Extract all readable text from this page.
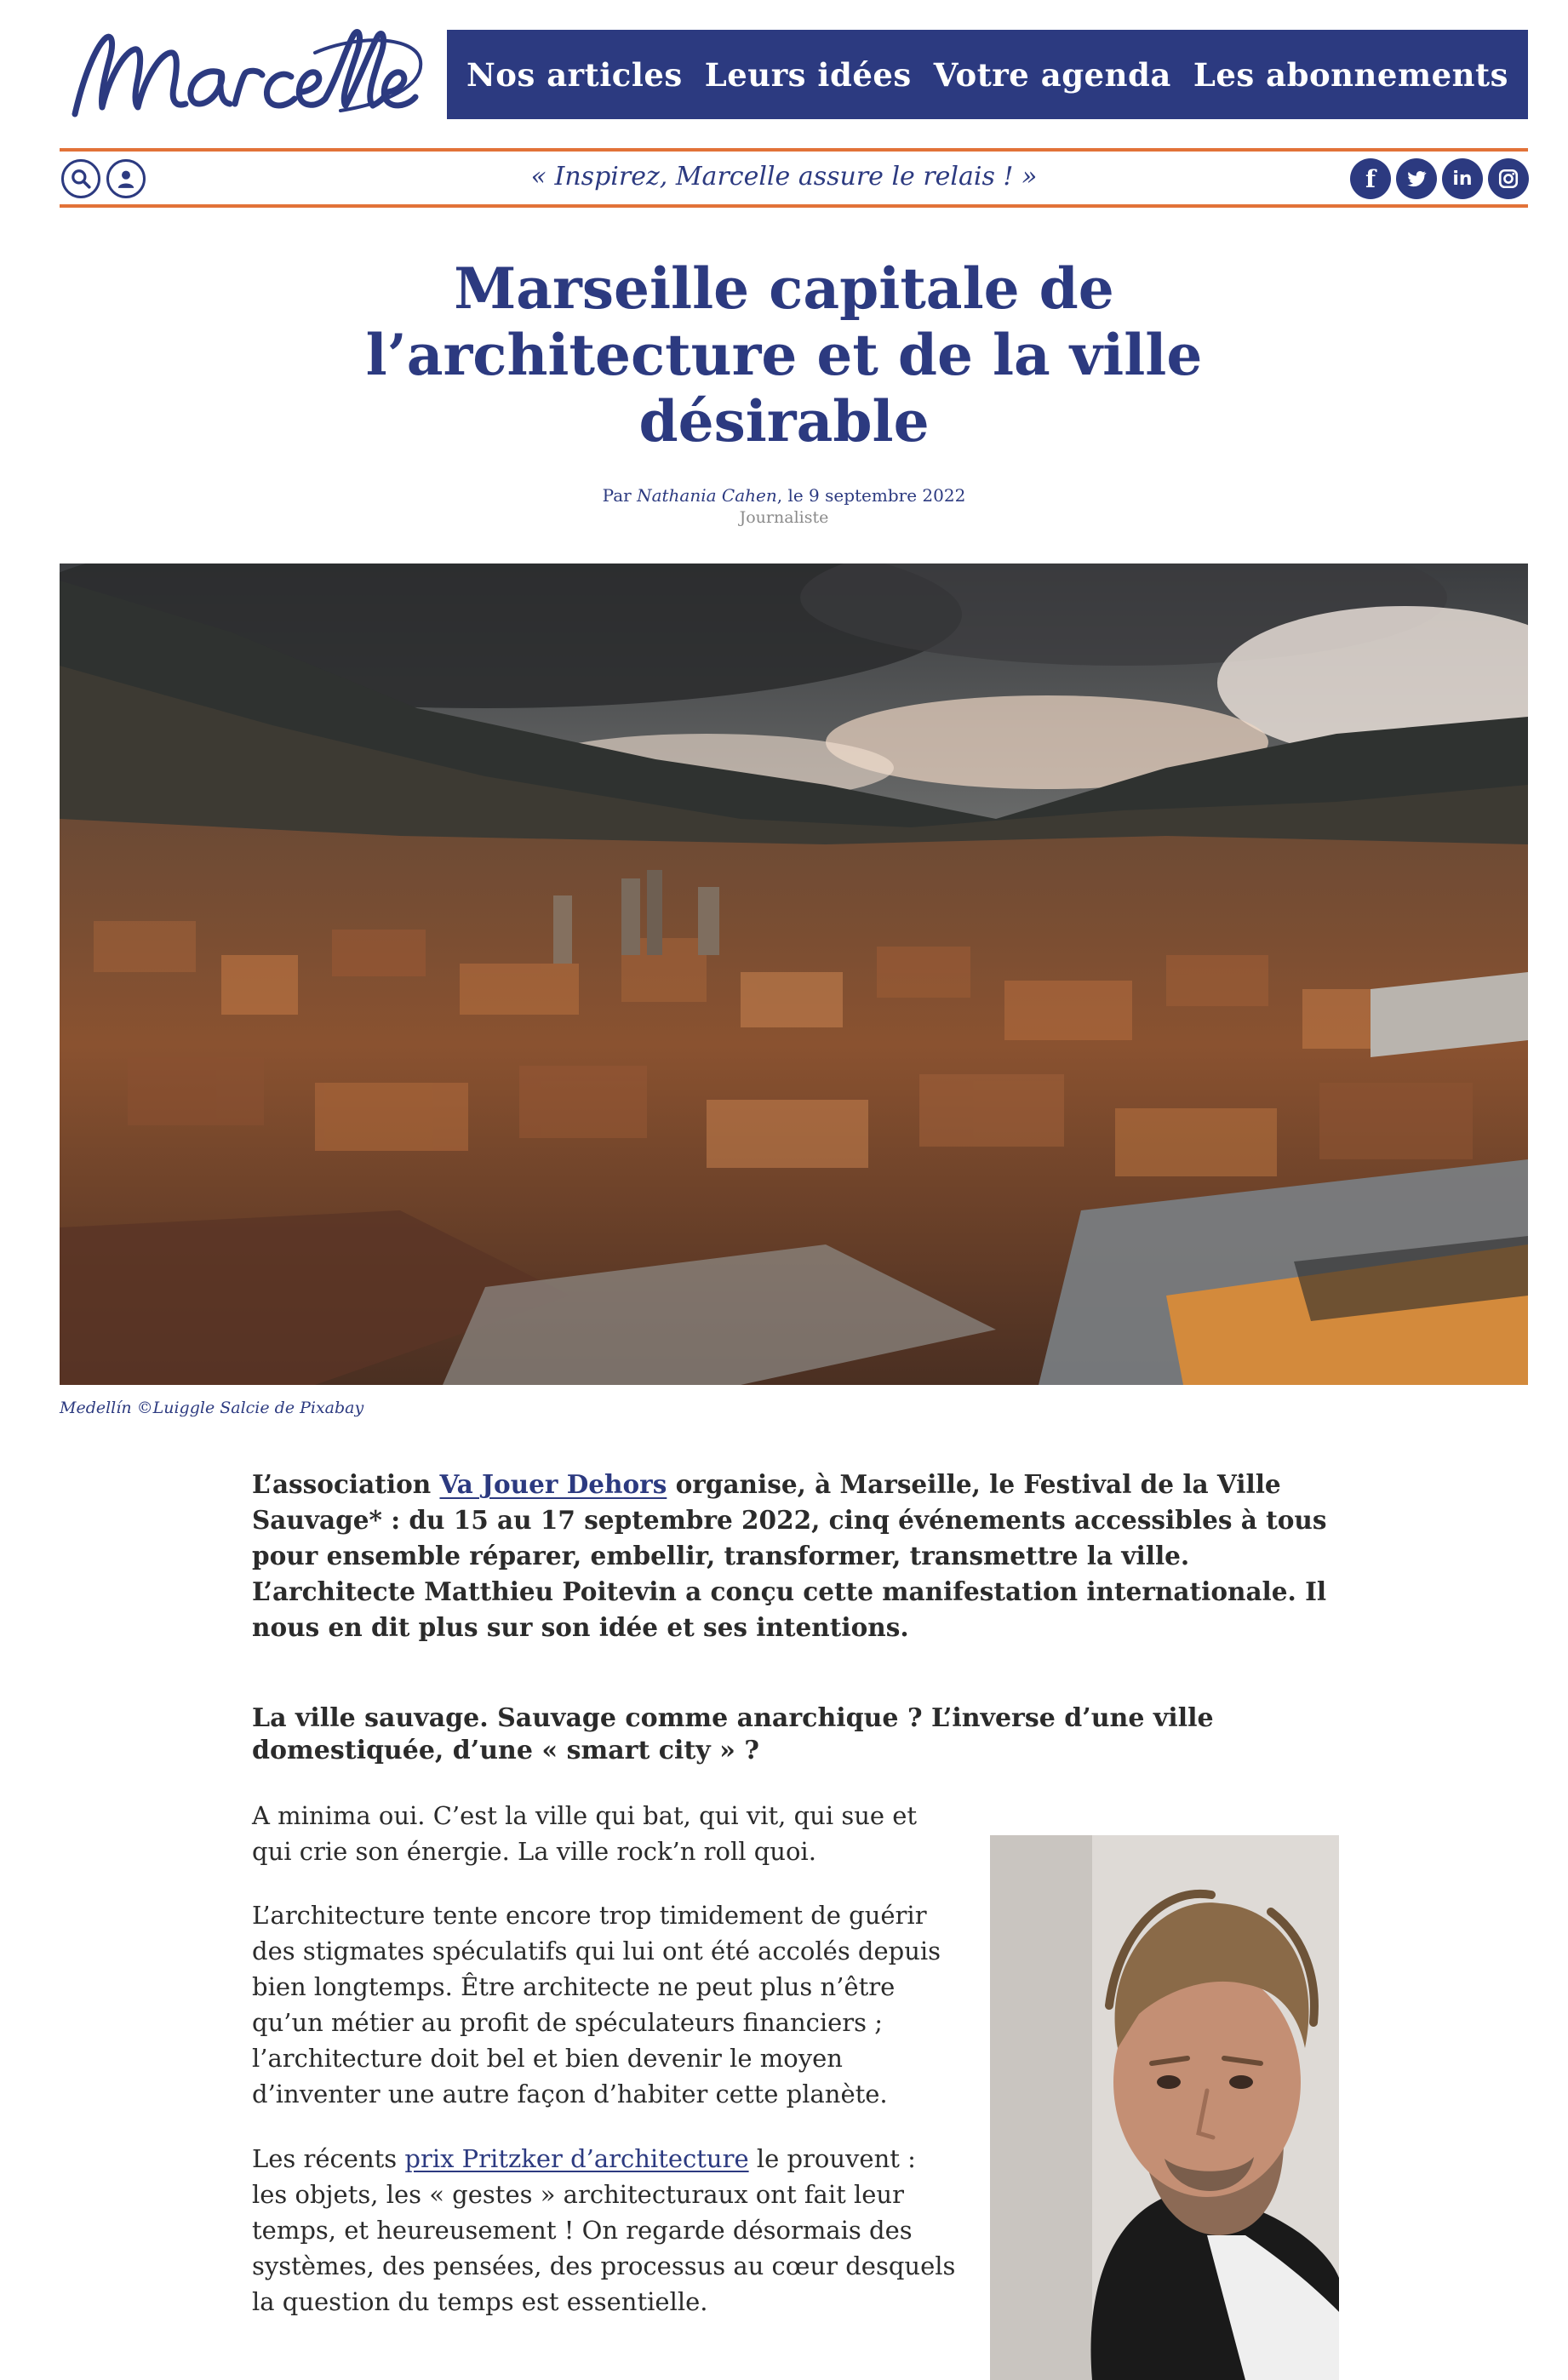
Nos articles Leurs idées Votre agenda Les abonnements
« Inspirez, Marcelle assure le relais ! »	f	in
Marseille capitale de l’architecture et de la ville désirable
Par Nathania Cahen, le 9 septembre 2022
Journaliste
Medellín ©Luiggle Salcie de Pixabay

L’association Va Jouer Dehors organise, à Marseille, le Festival de la Ville Sauvage* : du 15 au 17 septembre 2022, cinq événements accessibles à tous pour ensemble réparer, embellir, transformer, transmettre la ville. L’architecte Matthieu Poitevin a conçu cette manifestation internationale. Il nous en dit plus sur son idée et ses intentions.

La ville sauvage. Sauvage comme anarchique ? L’inverse d’une ville domestiquée, d’une « smart city » ?

A minima oui. C’est la ville qui bat, qui vit, qui sue et qui crie son énergie. La ville rock’n roll quoi.

L’architecture tente encore trop timidement de guérir des stigmates spéculatifs qui lui ont été accolés depuis bien longtemps. Être architecte ne peut plus n’être qu’un métier au profit de spéculateurs financiers ; l’architecture doit bel et bien devenir le moyen d’inventer une autre façon d’habiter cette planète.

Les récents prix Pritzker d’architecture le prouvent : les objets, les « gestes » architecturaux ont fait leur temps, et heureusement ! On regarde désormais des systèmes, des pensées, des processus au cœur desquels la question du temps est essentielle.
